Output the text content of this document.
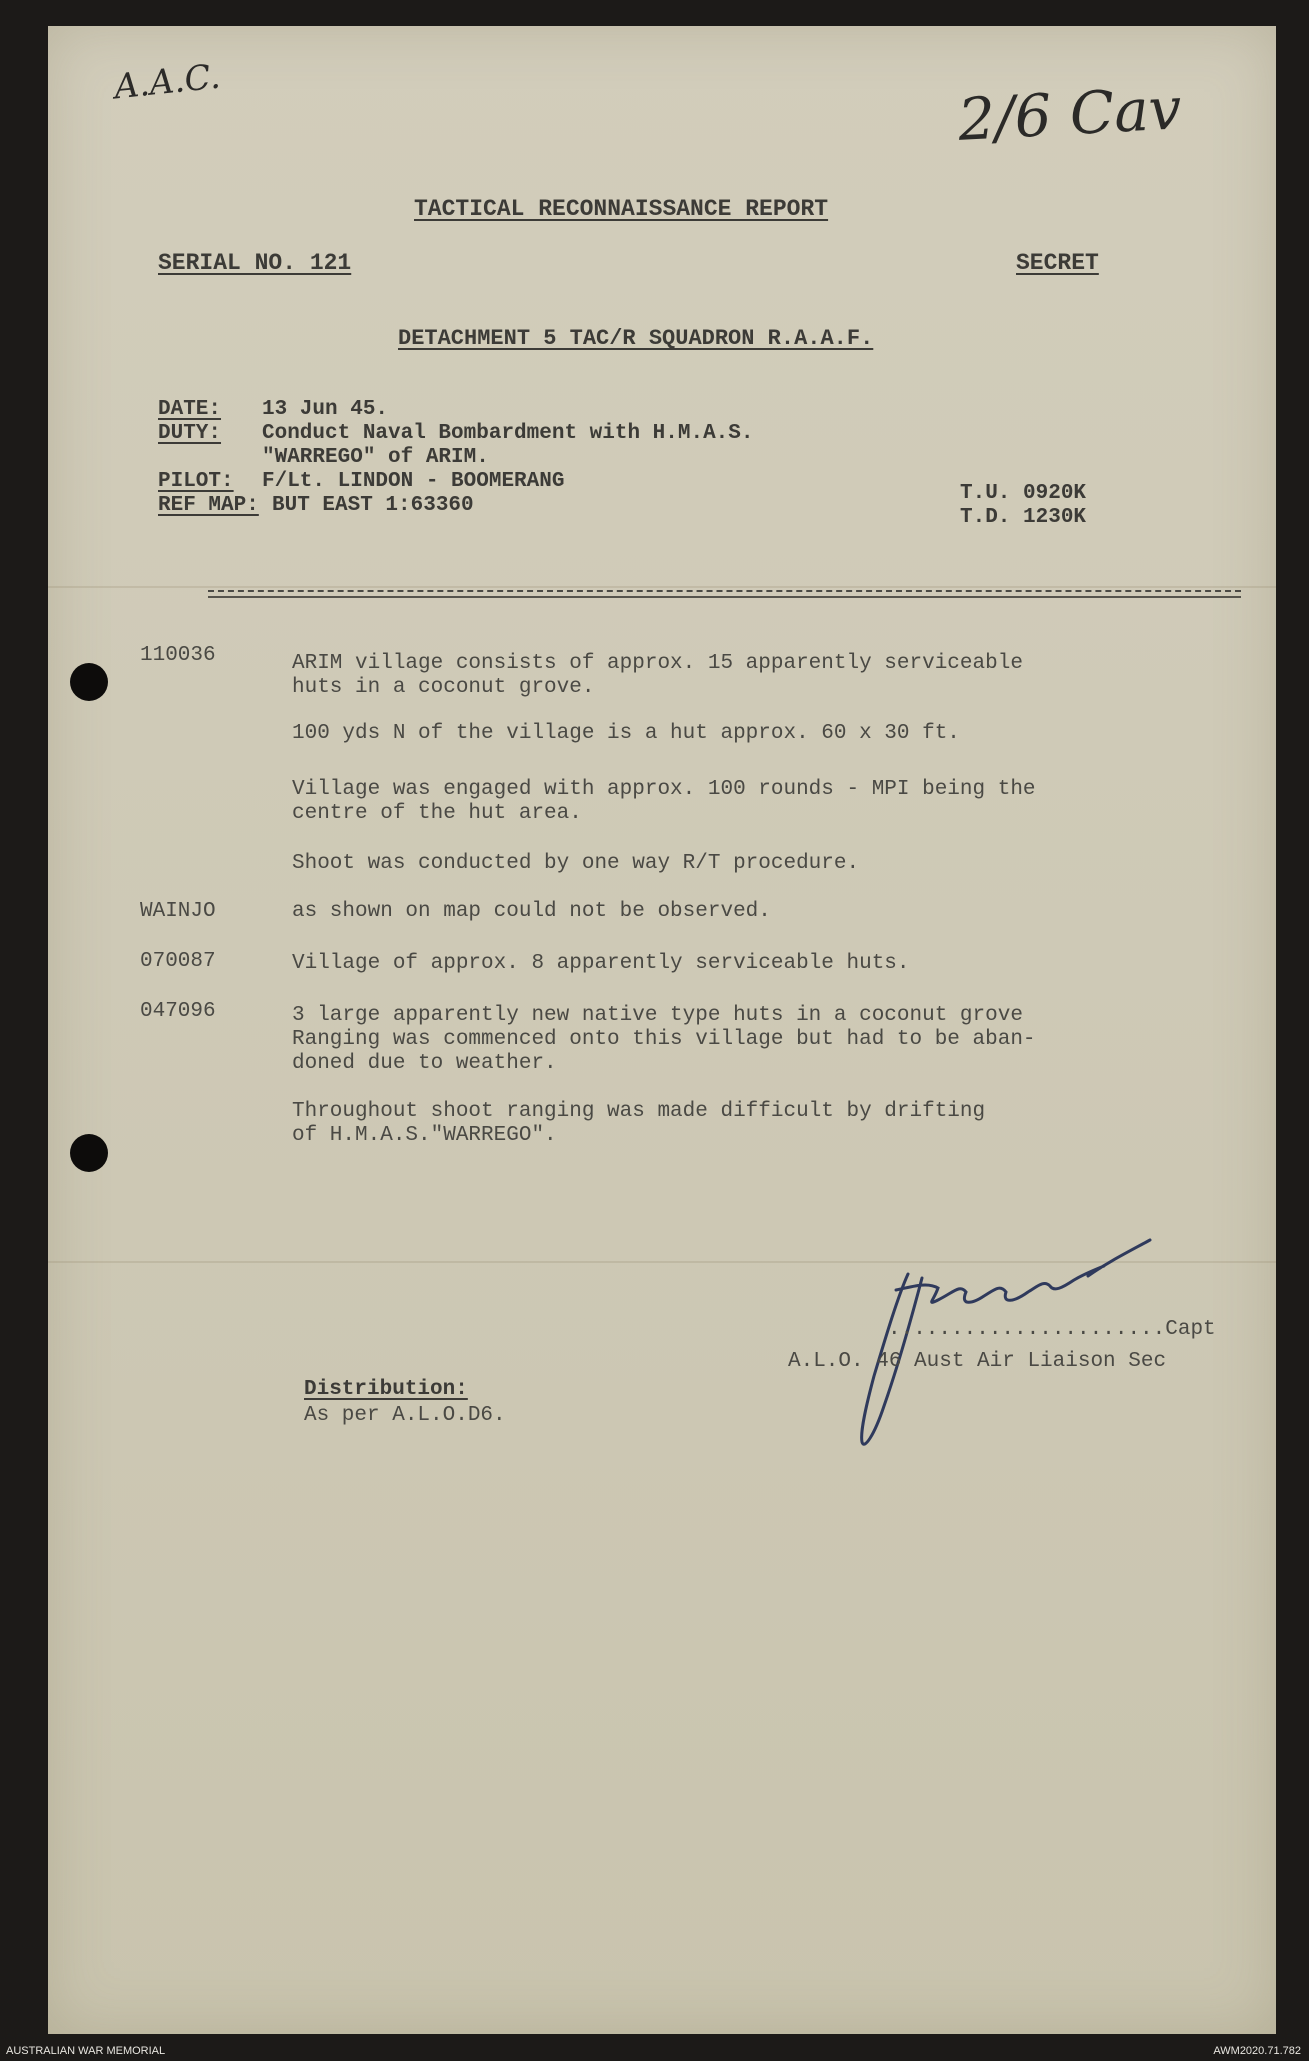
A.A.C.	2/6 Cav
TACTICAL RECONNAISSANCE REPORT
SERIAL NO. 121	SECRET
DETACHMENT 5 TAC/R SQUADRON R.A.A.F.
DATE: 13 Jun 45.
DUTY: Conduct Naval Bombardment with H.M.A.S.
"WARREGO" of ARIM.
PILOT: F/Lt. LINDON - BOOMERANG
REF MAP: BUT EAST 1:63360
T.U. 0920K
T.D. 1230K
110036	ARIM village consists of approx. 15 apparently serviceable
huts in a coconut grove.
100 yds N of the village is a hut approx. 60 x 30 ft.
Village was engaged with approx. 100 rounds - MPI being the
centre of the hut area.
Shoot was conducted by one way R/T procedure.
WAINJO	as shown on map could not be observed.
070087	Village of approx. 8 apparently serviceable huts.
047096	3 large apparently new native type huts in a coconut grove
Ranging was commenced onto this village but had to be aban-
doned due to weather.
Throughout shoot ranging was made difficult by drifting
of H.M.A.S."WARREGO".
......................Capt
A.L.O. 46 Aust Air Liaison Sec
Distribution:
As per A.L.O.D6.
AUSTRALIAN WAR MEMORIAL	AWM2020.71.782
